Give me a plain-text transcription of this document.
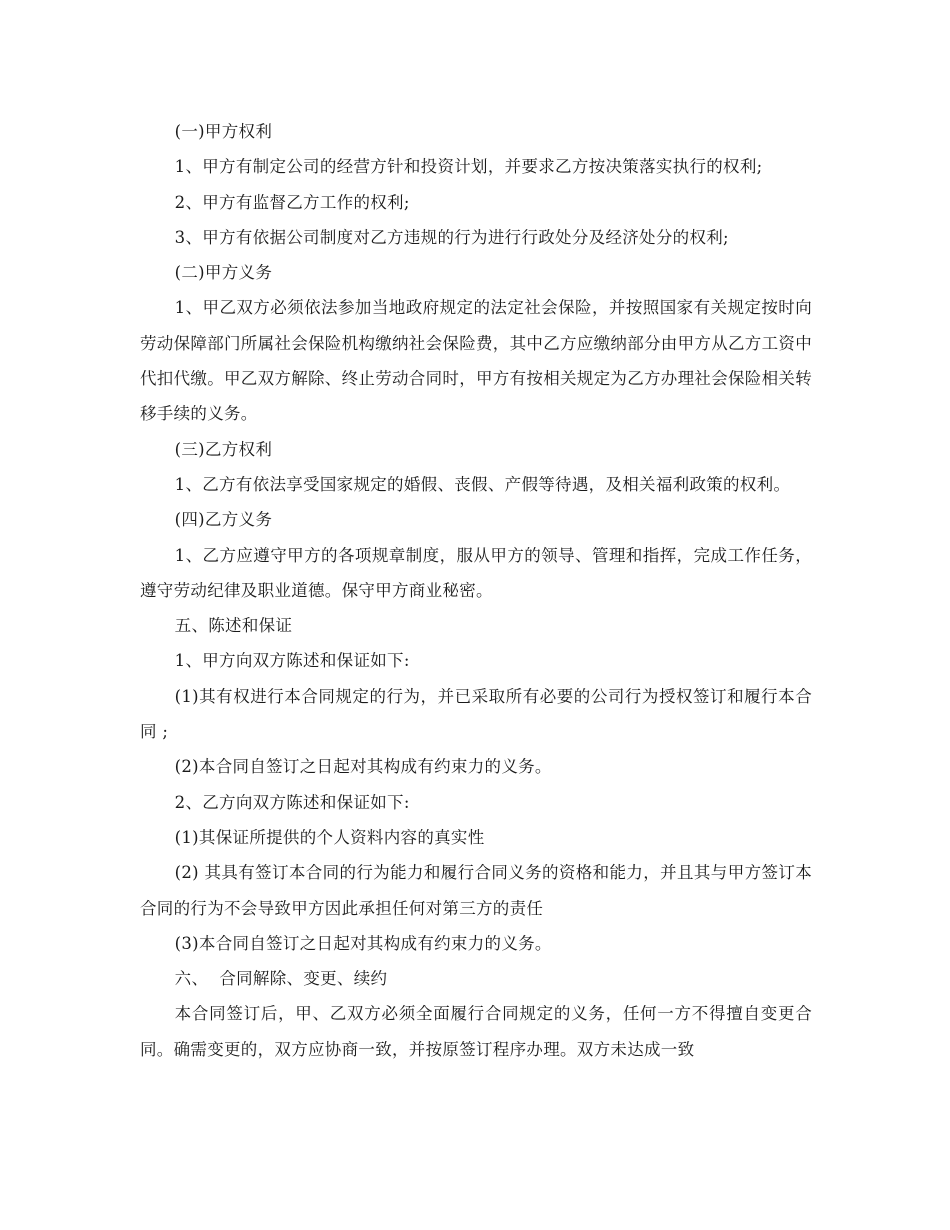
(一)甲方权利

1、甲方有制定公司的经营方针和投资计划，并要求乙方按决策落实执行的权利;

2、甲方有监督乙方工作的权利;

3、甲方有依据公司制度对乙方违规的行为进行行政处分及经济处分的权利;

(二)甲方义务

1、甲乙双方必须依法参加当地政府规定的法定社会保险，并按照国家有关规定按时向劳动保障部门所属社会保险机构缴纳社会保险费，其中乙方应缴纳部分由甲方从乙方工资中代扣代缴。甲乙双方解除、终止劳动合同时，甲方有按相关规定为乙方办理社会保险相关转移手续的义务。

(三)乙方权利

1、乙方有依法享受国家规定的婚假、丧假、产假等待遇，及相关福利政策的权利。

(四)乙方义务

1、乙方应遵守甲方的各项规章制度，服从甲方的领导、管理和指挥，完成工作任务，遵守劳动纪律及职业道德。保守甲方商业秘密。

五、陈述和保证

1、甲方向双方陈述和保证如下:

(1)其有权进行本合同规定的行为，并已采取所有必要的公司行为授权签订和履行本合同 ;

(2)本合同自签订之日起对其构成有约束力的义务。

2、乙方向双方陈述和保证如下:

(1)其保证所提供的个人资料内容的真实性

(2) 其具有签订本合同的行为能力和履行合同义务的资格和能力，并且其与甲方签订本合同的行为不会导致甲方因此承担任何对第三方的责任

(3)本合同自签订之日起对其构成有约束力的义务。

六、  合同解除、变更、续约

本合同签订后，甲、乙双方必须全面履行合同规定的义务，任何一方不得擅自变更合同。确需变更的，双方应协商一致，并按原签订程序办理。双方未达成一致
